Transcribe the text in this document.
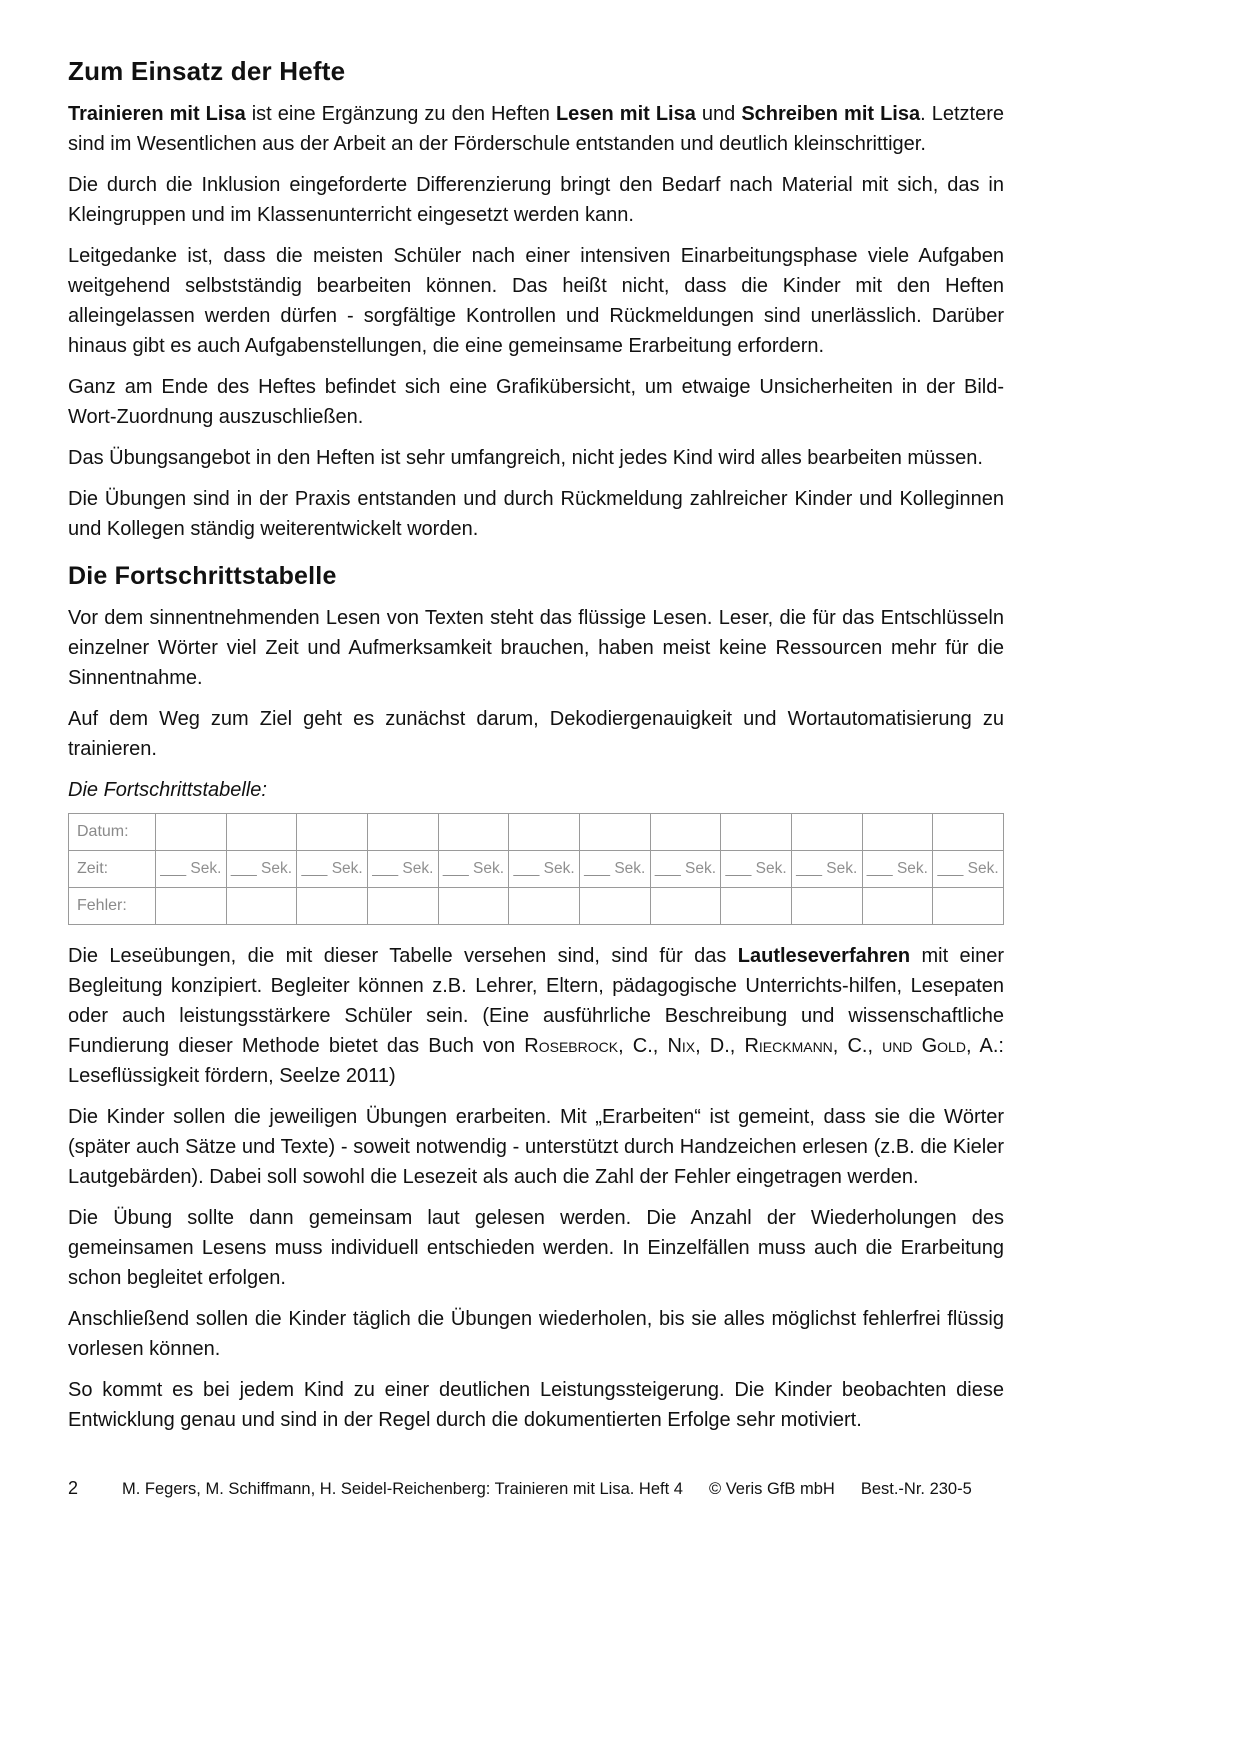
Zum Einsatz der Hefte

Trainieren mit Lisa ist eine Ergänzung zu den Heften Lesen mit Lisa und Schreiben mit Lisa. Letztere sind im Wesentlichen aus der Arbeit an der Förderschule entstanden und deutlich kleinschrittiger.

Die durch die Inklusion eingeforderte Differenzierung bringt den Bedarf nach Material mit sich, das in Kleingruppen und im Klassenunterricht eingesetzt werden kann.

Leitgedanke ist, dass die meisten Schüler nach einer intensiven Einarbeitungsphase viele Aufgaben weitgehend selbstständig bearbeiten können. Das heißt nicht, dass die Kinder mit den Heften alleingelassen werden dürfen - sorgfältige Kontrollen und Rückmeldungen sind unerlässlich. Darüber hinaus gibt es auch Aufgabenstellungen, die eine gemeinsame Erarbeitung erfordern.

Ganz am Ende des Heftes befindet sich eine Grafikübersicht, um etwaige Unsicherheiten in der Bild-Wort-Zuordnung auszuschließen.

Das Übungsangebot in den Heften ist sehr umfangreich, nicht jedes Kind wird alles bearbeiten müssen.

Die Übungen sind in der Praxis entstanden und durch Rückmeldung zahlreicher Kinder und Kolleginnen und Kollegen ständig weiterentwickelt worden.

Die Fortschrittstabelle

Vor dem sinnentnehmenden Lesen von Texten steht das flüssige Lesen. Leser, die für das Entschlüsseln einzelner Wörter viel Zeit und Aufmerksamkeit brauchen, haben meist keine Ressourcen mehr für die Sinnentnahme.

Auf dem Weg zum Ziel geht es zunächst darum, Dekodiergenauigkeit und Wortautomatisierung zu trainieren.

Die Fortschrittstabelle:

Datum:												
Zeit:	___ Sek.	___ Sek.	___ Sek.	___ Sek.	___ Sek.	___ Sek.	___ Sek.	___ Sek.	___ Sek.	___ Sek.	___ Sek.	___ Sek.
Fehler:												

Die Leseübungen, die mit dieser Tabelle versehen sind, sind für das Lautleseverfahren mit einer Begleitung konzipiert. Begleiter können z.B. Lehrer, Eltern, pädagogische Unterrichts-hilfen, Lesepaten oder auch leistungsstärkere Schüler sein. (Eine ausführliche Beschreibung und wissenschaftliche Fundierung dieser Methode bietet das Buch von Rosebrock, C., Nix, D., Rieckmann, C., und Gold, A.: Leseflüssigkeit fördern, Seelze 2011)

Die Kinder sollen die jeweiligen Übungen erarbeiten. Mit „Erarbeiten“ ist gemeint, dass sie die Wörter (später auch Sätze und Texte) - soweit notwendig - unterstützt durch Handzeichen erlesen (z.B. die Kieler Lautgebärden). Dabei soll sowohl die Lesezeit als auch die Zahl der Fehler eingetragen werden.

Die Übung sollte dann gemeinsam laut gelesen werden. Die Anzahl der Wiederholungen des gemeinsamen Lesens muss individuell entschieden werden. In Einzelfällen muss auch die Erarbeitung schon begleitet erfolgen.

Anschließend sollen die Kinder täglich die Übungen wiederholen, bis sie alles möglichst fehlerfrei flüssig vorlesen können.

So kommt es bei jedem Kind zu einer deutlichen Leistungssteigerung. Die Kinder beobachten diese Entwicklung genau und sind in der Regel durch die dokumentierten Erfolge sehr motiviert.

2	M. Fegers, M. Schiffmann, H. Seidel-Reichenberg: Trainieren mit Lisa. Heft 4 © Veris GfB mbH Best.-Nr. 230-5
